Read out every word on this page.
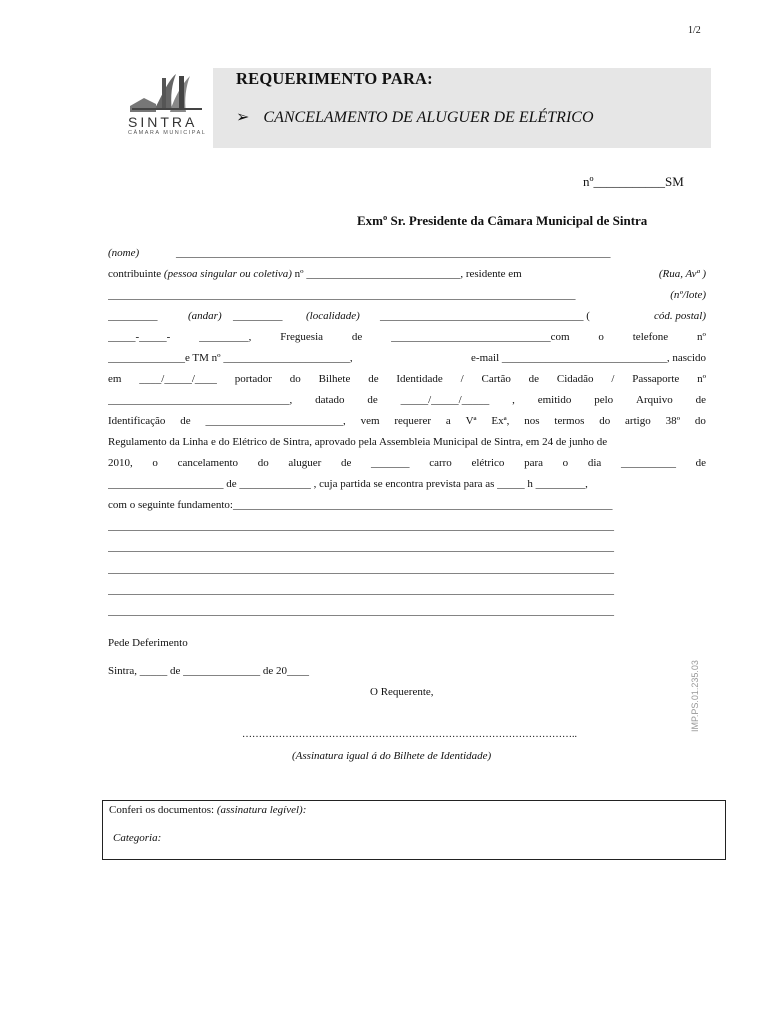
1/2
SINTRA
CÂMARA MUNICIPAL
REQUERIMENTO PARA:
➢ CANCELAMENTO DE ALUGUER DE ELÉTRICO
nº___________SM
Exmº Sr. Presidente da Câmara Municipal de Sintra
(nome)	_______________________________________________________________________________
contribuinte (pessoa singular ou coletiva) nº ____________________________, residente em	(Rua, Avª )
_____________________________________________________________________________________	(nº/lote)
_________	(andar) _________ (localidade) _____________________________________ (	cód. postal)
_____-_____-	_________,	Freguesia	de	_____________________________com	o	telefone	nº
______________e TM nº _______________________,	e-mail ______________________________, nascido
em ____/_____/____ portador do Bilhete de Identidade / Cartão de Cidadão / Passaporte nº
_________________________________, datado de _____/_____/_____ , emitido pelo Arquivo de
Identificação de _________________________, vem requerer a Vª Exª, nos termos do artigo 38º do
Regulamento da Linha e do Elétrico de Sintra, aprovado pela Assembleia Municipal de Sintra, em 24 de junho de
2010, o cancelamento do aluguer de _______ carro elétrico para o dia __________ de
_____________________ de _____________ , cuja partida se encontra prevista para as _____ h _________,
com o seguinte fundamento:_____________________________________________________________________
____________________________________________________________________________________________
____________________________________________________________________________________________
____________________________________________________________________________________________
____________________________________________________________________________________________
____________________________________________________________________________________________
Pede Deferimento
Sintra, _____ de ______________ de 20____
O Requerente,
………………………………………………………………………………………..
(Assinatura igual á do Bilhete de Identidade)
IMP.PS.01.235.03
Conferi os documentos: (assinatura legível):
Categoria:
